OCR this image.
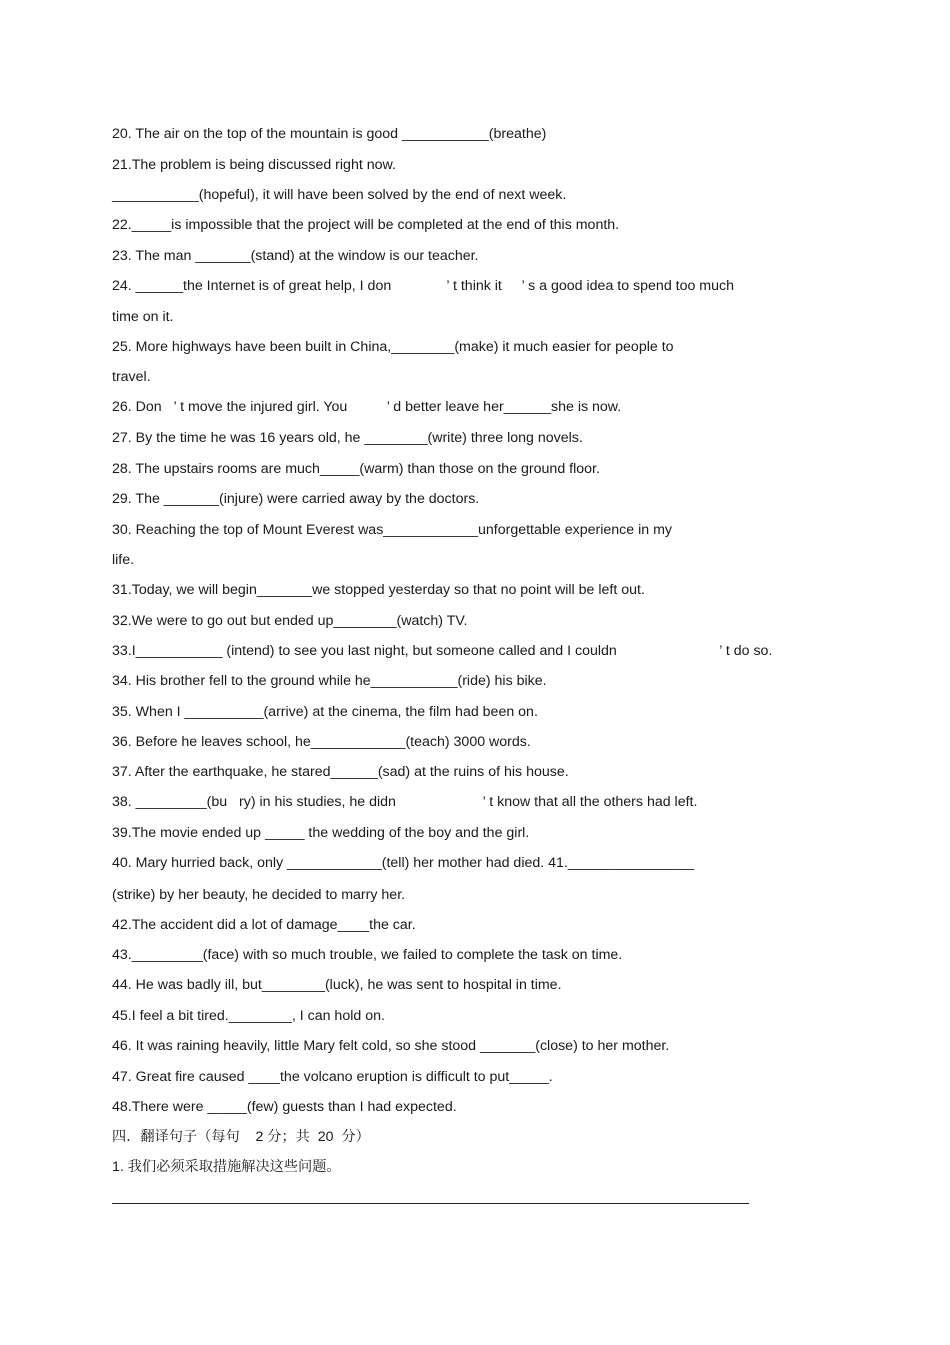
20. The air on the top of the mountain is good ___________(breathe)
21.The problem is being discussed right now.
___________(hopeful), it will have been solved by the end of next week.
22._____is impossible that the project will be completed at the end of this month.
23. The man _______(stand) at the window is our teacher.
24. ______the Internet is of great help, I don              ’ t think it     ’ s a good idea to spend too much
time on it.
25. More highways have been built in China,________(make) it much easier for people to
travel.
26. Don   ’ t move the injured girl. You          ’ d better leave her______she is now.
27. By the time he was 16 years old, he ________(write) three long novels.
28. The upstairs rooms are much_____(warm) than those on the ground floor.
29. The _______(injure) were carried away by the doctors.
30. Reaching the top of Mount Everest was____________unforgettable experience in my
life.
31.Today, we will begin_______we stopped yesterday so that no point will be left out.
32.We were to go out but ended up________(watch) TV.
33.I___________ (intend) to see you last night, but someone called and I couldn                          ’ t do so.
34. His brother fell to the ground while he___________(ride) his bike.
35. When I __________(arrive) at the cinema, the film had been on.
36. Before he leaves school, he____________(teach) 3000 words.
37. After the earthquake, he stared______(sad) at the ruins of his house.
38. _________(bu   ry) in his studies, he didn                      ’ t know that all the others had left.
39.The movie ended up _____ the wedding of the boy and the girl.
40. Mary hurried back, only ____________(tell) her mother had died. 41.________________
(strike) by her beauty, he decided to marry her.
42.The accident did a lot of damage____the car.
43._________(face) with so much trouble, we failed to complete the task on time.
44. He was badly ill, but________(luck), he was sent to hospital in time.
45.I feel a bit tired.________, I can hold on.
46. It was raining heavily, little Mary felt cold, so she stood _______(close) to her mother.
47. Great fire caused ____the volcano eruption is difficult to put_____.
48.There were _____(few) guests than I had expected.
四．翻译句子（每句    2 分；共  20  分）
1. 我们必须采取措施解决这些问题。
